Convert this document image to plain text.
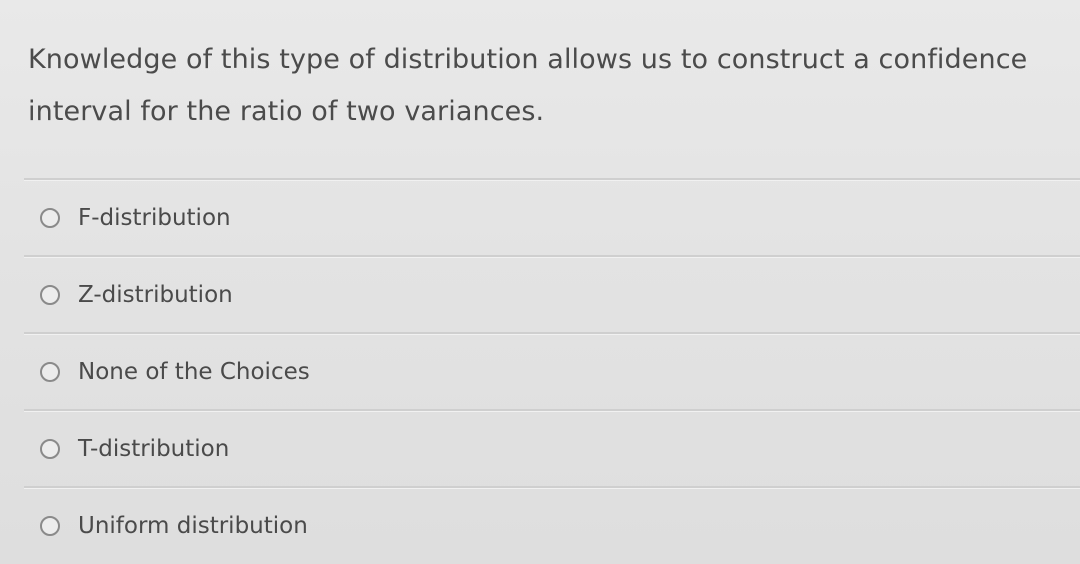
Knowledge of this type of distribution allows us to construct a confidence
interval for the ratio of two variances.
F-distribution
Z-distribution
None of the Choices
T-distribution
Uniform distribution
